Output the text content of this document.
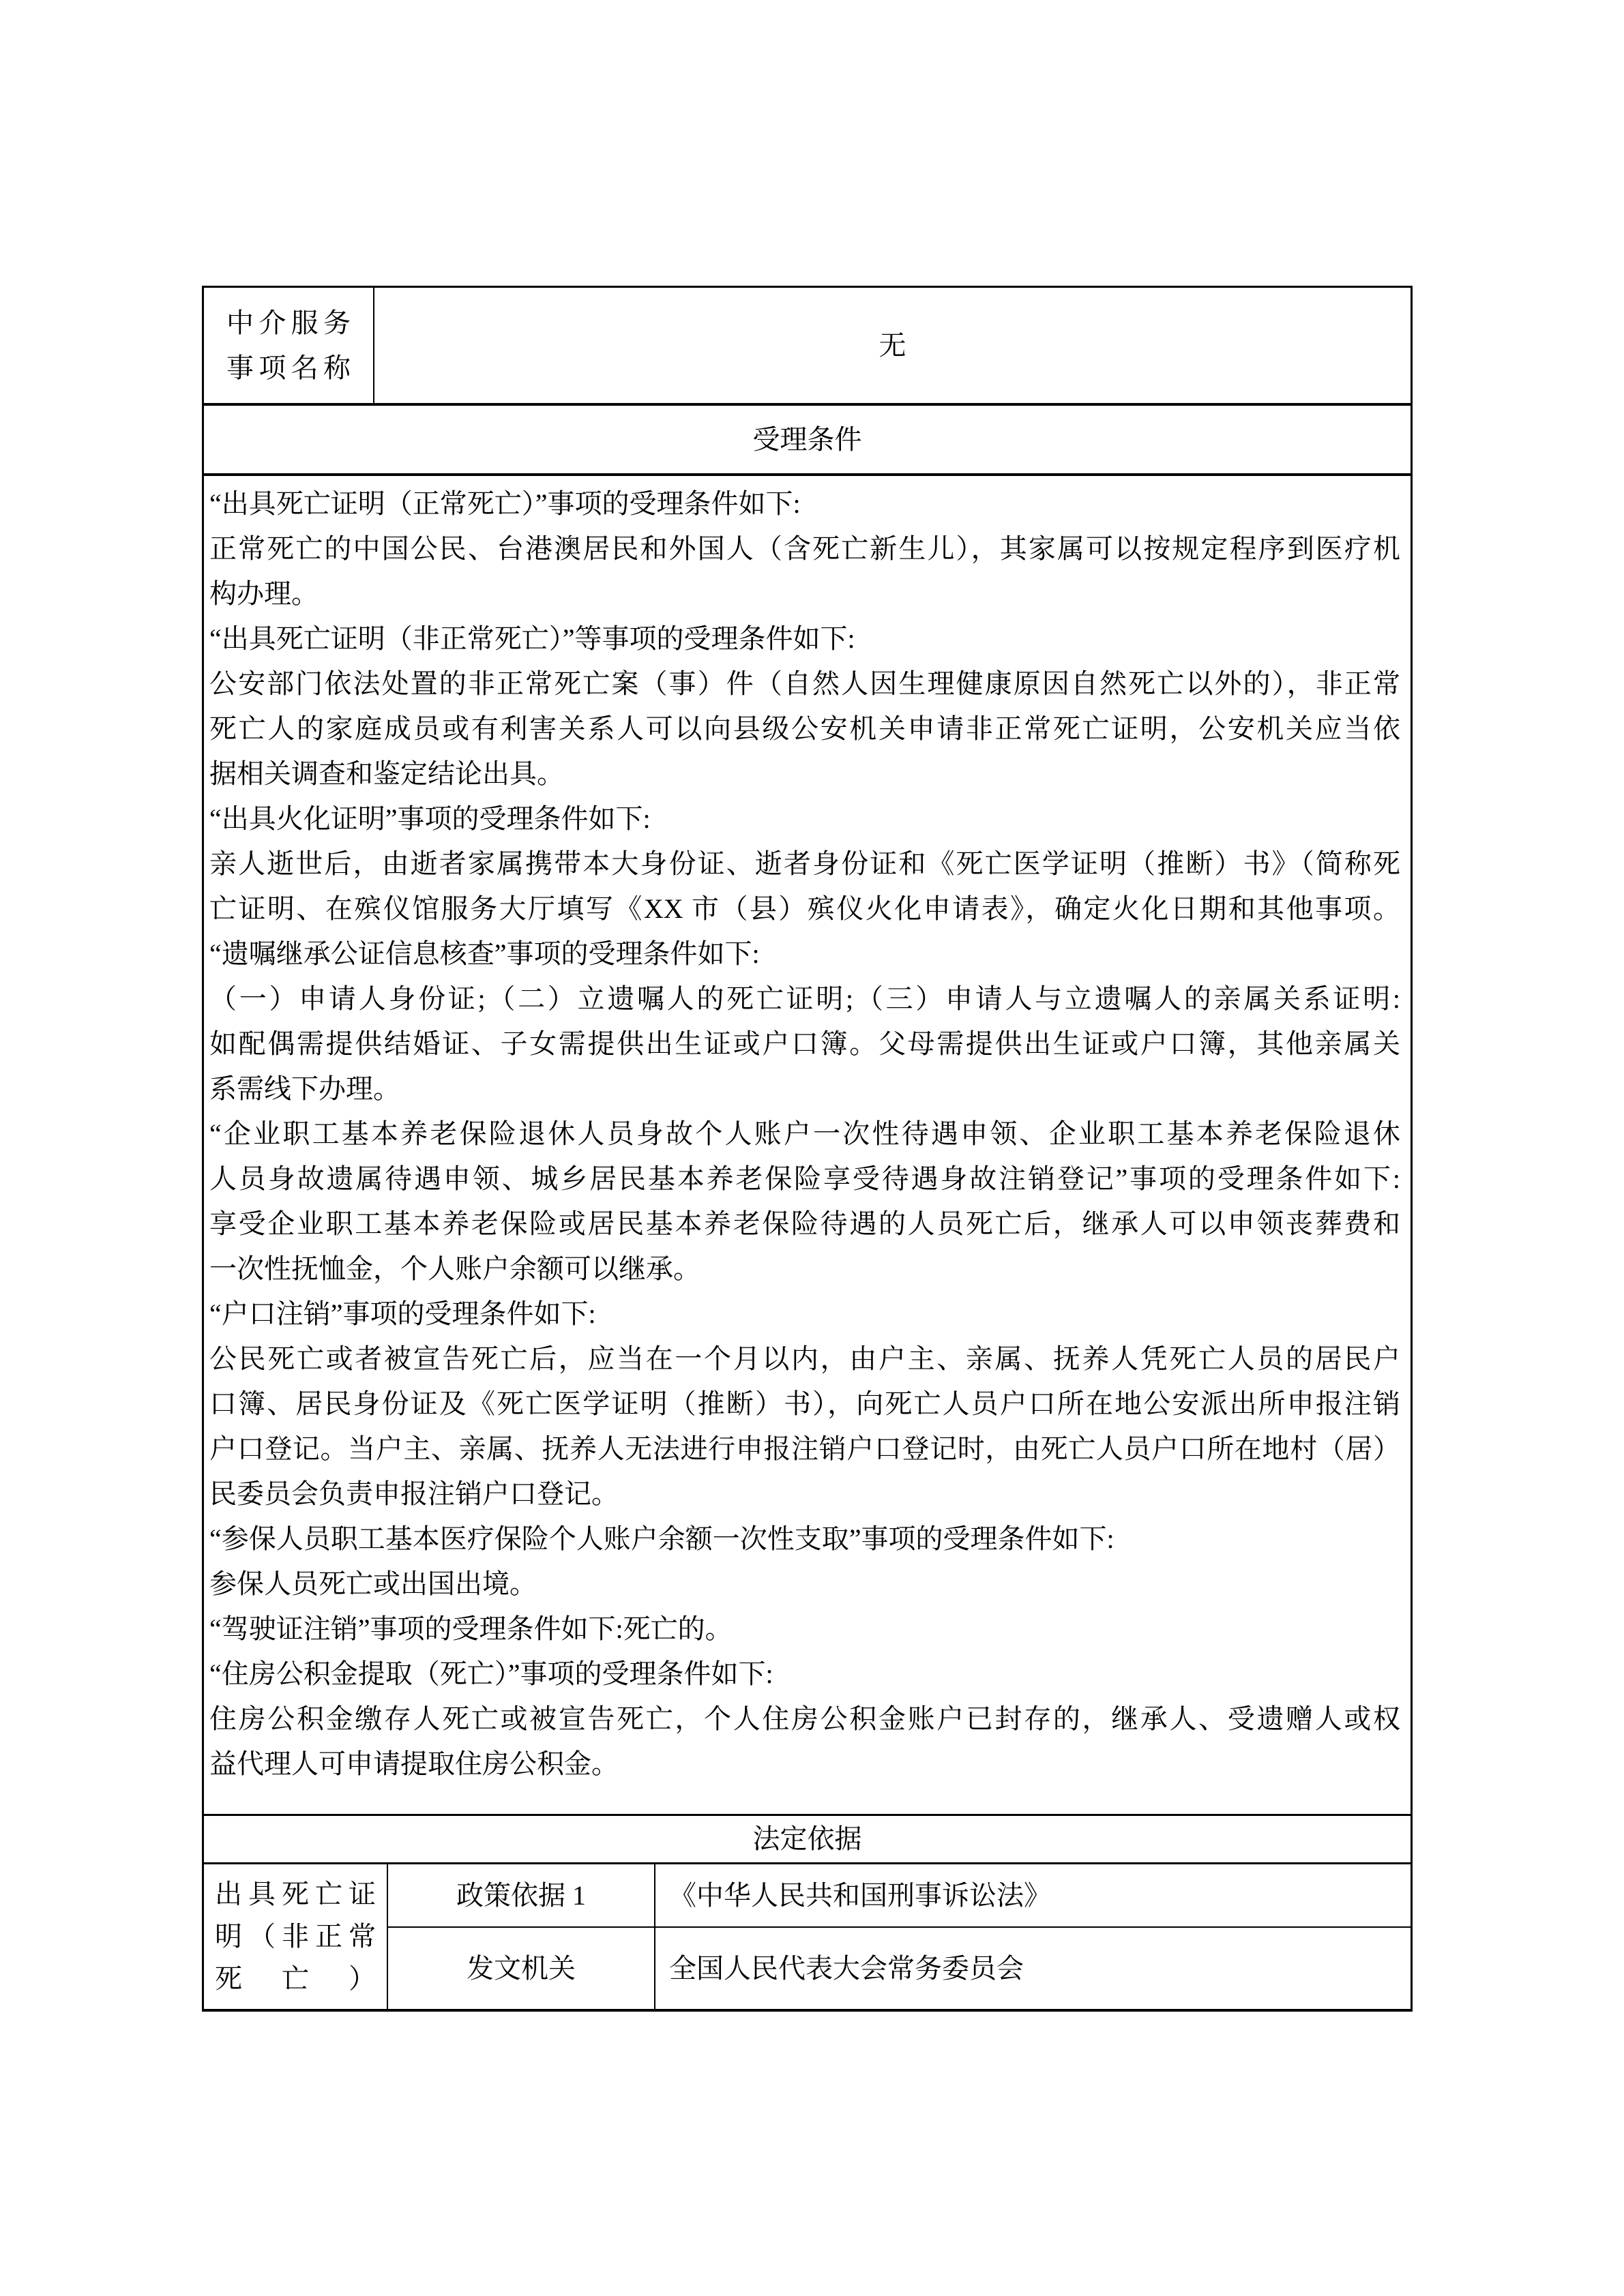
中介服务事项名称
无
受理条件
“出具死亡证明（正常死亡）”事项的受理条件如下:
正常死亡的中国公民、台港澳居民和外国人（含死亡新生儿），其家属可以按规定程序到医疗机
构办理。
“出具死亡证明（非正常死亡）”等事项的受理条件如下:
公安部门依法处置的非正常死亡案（事）件（自然人因生理健康原因自然死亡以外的），非正常
死亡人的家庭成员或有利害关系人可以向县级公安机关申请非正常死亡证明，公安机关应当依
据相关调查和鉴定结论出具。
“出具火化证明”事项的受理条件如下:
亲人逝世后，由逝者家属携带本大身份证、逝者身份证和《死亡医学证明（推断）书》（简称死
亡证明、在殡仪馆服务大厅填写《XX 市（县）殡仪火化申请表》，确定火化日期和其他事项。
“遗嘱继承公证信息核查”事项的受理条件如下:
（一）申请人身份证;（二）立遗嘱人的死亡证明;（三）申请人与立遗嘱人的亲属关系证明:
如配偶需提供结婚证、子女需提供出生证或户口簿。父母需提供出生证或户口簿，其他亲属关
系需线下办理。
“企业职工基本养老保险退休人员身故个人账户一次性待遇申领、企业职工基本养老保险退休
人员身故遗属待遇申领、城乡居民基本养老保险享受待遇身故注销登记”事项的受理条件如下:
享受企业职工基本养老保险或居民基本养老保险待遇的人员死亡后，继承人可以申领丧葬费和
一次性抚恤金，个人账户余额可以继承。
“户口注销”事项的受理条件如下:
公民死亡或者被宣告死亡后，应当在一个月以内，由户主、亲属、抚养人凭死亡人员的居民户
口簿、居民身份证及《死亡医学证明（推断）书），向死亡人员户口所在地公安派出所申报注销
户口登记。当户主、亲属、抚养人无法进行申报注销户口登记时，由死亡人员户口所在地村（居）
民委员会负责申报注销户口登记。
“参保人员职工基本医疗保险个人账户余额一次性支取”事项的受理条件如下:
参保人员死亡或出国出境。
“驾驶证注销”事项的受理条件如下:死亡的。
“住房公积金提取（死亡）”事项的受理条件如下:
住房公积金缴存人死亡或被宣告死亡，个人住房公积金账户已封存的，继承人、受遗赠人或权
益代理人可申请提取住房公积金。
法定依据
出具死亡证明（非正常死亡）
政策依据 1	《中华人民共和国刑事诉讼法》
发文机关	全国人民代表大会常务委员会
